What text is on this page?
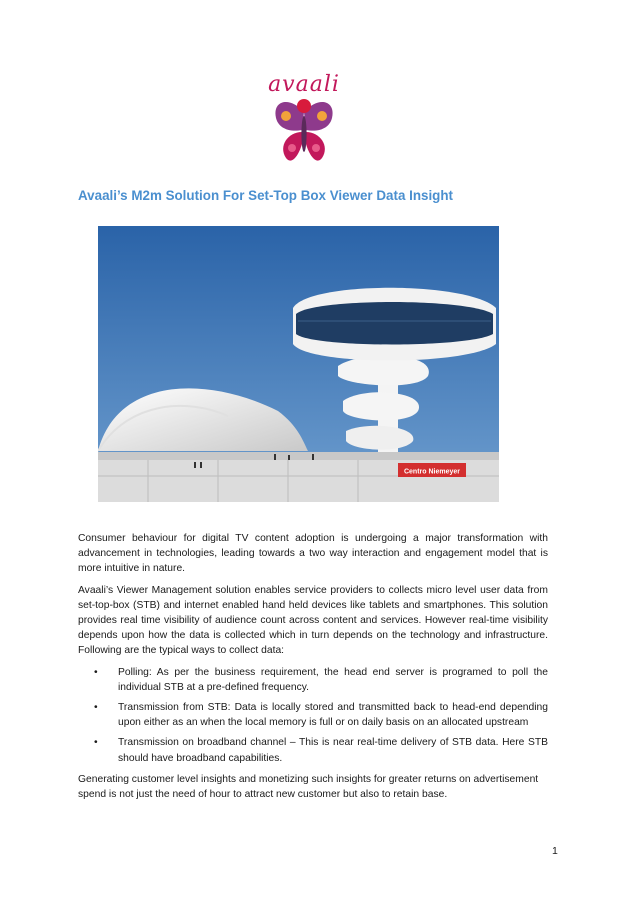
avaali
Avaali’s M2m Solution For Set-Top Box Viewer Data Insight
Centro Niemeyer

Consumer behaviour for digital TV content adoption is undergoing a major transformation with advancement in technologies, leading towards a two way interaction and engagement model that is more intuitive in nature.

Avaali’s Viewer Management solution enables service providers to collects micro level user data from set-top-box (STB) and internet enabled hand held devices like tablets and smartphones. This solution provides real time visibility of audience count across content and services. However real-time visibility depends upon how the data is collected which in turn depends on the technology and infrastructure. Following are the typical ways to collect data:

• Polling: As per the business requirement, the head end server is programed to poll the individual STB at a pre-defined frequency.
• Transmission from STB: Data is locally stored and transmitted back to head-end depending upon either as an when the local memory is full or on daily basis on an allocated upstream
• Transmission on broadband channel – This is near real-time delivery of STB data. Here STB should have broadband capabilities.

Generating customer level insights and monetizing such insights for greater returns on advertisement spend is not just the need of hour to attract new customer but also to retain base.

1
